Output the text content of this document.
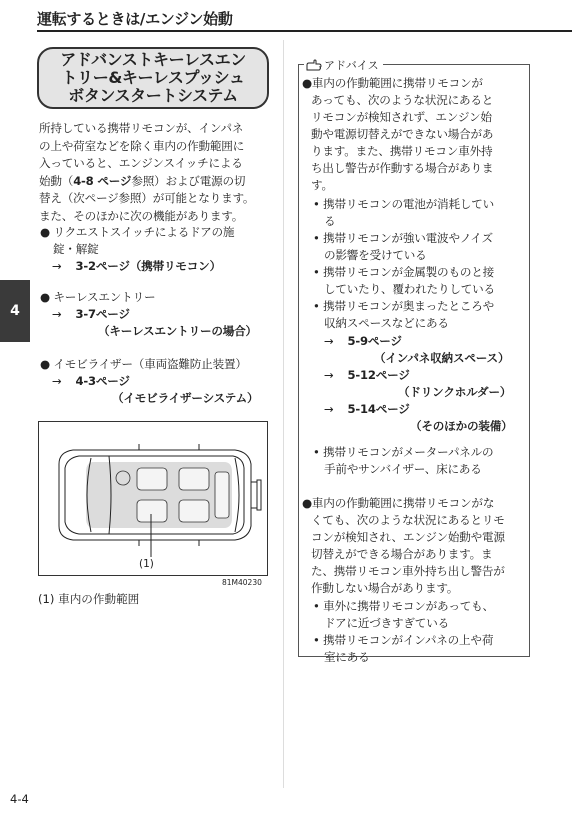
運転するときは/エンジン始動
アドバンストキーレスエン
トリー&キーレスプッシュ
ボタンスタートシステム
所持している携帯リモコンが、インパネ
の上や荷室などを除く車内の作動範囲に
入っていると、エンジンスイッチによる
始動（4-8 ページ参照）および電源の切
替え（次ページ参照）が可能となります。
また、そのほかに次の機能があります。
● リクエストスイッチによるドアの施
錠・解錠
→ 3-2ページ（携帯リモコン）
● キーレスエントリー
→ 3-7ページ
（キーレスエントリーの場合）
● イモビライザー（車両盗難防止装置）
→ 4-3ページ
（イモビライザーシステム）
4
(1)
81M40230
(1) 車内の作動範囲
アドバイス
●車内の作動範囲に携帯リモコンが
あっても、次のような状況にあると
リモコンが検知されず、エンジン始
動や電源切替えができない場合があ
ります。また、携帯リモコン車外持
ち出し警告が作動する場合がありま
す。
• 携帯リモコンの電池が消耗してい
る
• 携帯リモコンが強い電波やノイズ
の影響を受けている
• 携帯リモコンが金属製のものと接
していたり、覆われたりしている
• 携帯リモコンが奥まったところや
収納スペースなどにある
→ 5-9ページ
（インパネ収納スペース）
→ 5-12ページ
（ドリンクホルダー）
→ 5-14ページ
（そのほかの装備）
• 携帯リモコンがメーターパネルの
手前やサンバイザー、床にある
●車内の作動範囲に携帯リモコンがな
くても、次のような状況にあるとリモ
コンが検知され、エンジン始動や電源
切替えができる場合があります。ま
た、携帯リモコン車外持ち出し警告が
作動しない場合があります。
• 車外に携帯リモコンがあっても、
ドアに近づきすぎている
• 携帯リモコンがインパネの上や荷
室にある
4-4
